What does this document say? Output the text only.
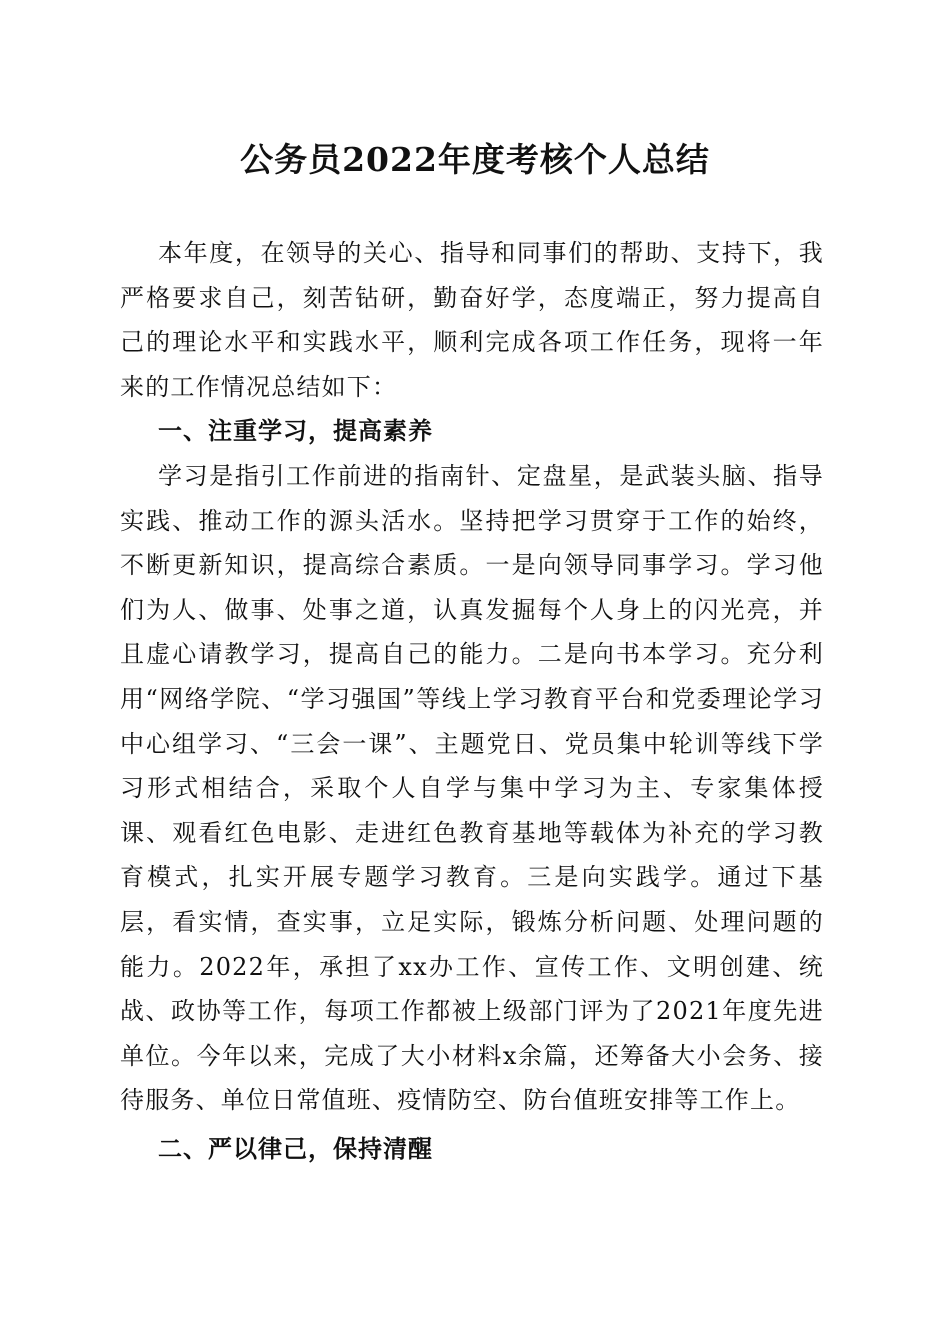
公务员2022年度考核个人总结

本年度，在领导的关心、指导和同事们的帮助、支持下，我严格要求自己，刻苦钻研，勤奋好学，态度端正，努力提高自己的理论水平和实践水平，顺利完成各项工作任务，现将一年来的工作情况总结如下：

一、注重学习，提高素养

学习是指引工作前进的指南针、定盘星，是武装头脑、指导实践、推动工作的源头活水。坚持把学习贯穿于工作的始终，不断更新知识，提高综合素质。一是向领导同事学习。学习他们为人、做事、处事之道，认真发掘每个人身上的闪光亮，并且虚心请教学习，提高自己的能力。二是向书本学习。充分利用“网络学院、“学习强国”等线上学习教育平台和党委理论学习中心组学习、“三会一课”、主题党日、党员集中轮训等线下学习形式相结合，采取个人自学与集中学习为主、专家集体授课、观看红色电影、走进红色教育基地等载体为补充的学习教育模式，扎实开展专题学习教育。三是向实践学。通过下基层，看实情，查实事，立足实际，锻炼分析问题、处理问题的能力。2022年，承担了xx办工作、宣传工作、文明创建、统战、政协等工作，每项工作都被上级部门评为了2021年度先进单位。今年以来，完成了大小材料x余篇，还筹备大小会务、接待服务、单位日常值班、疫情防空、防台值班安排等工作上。

二、严以律己，保持清醒
